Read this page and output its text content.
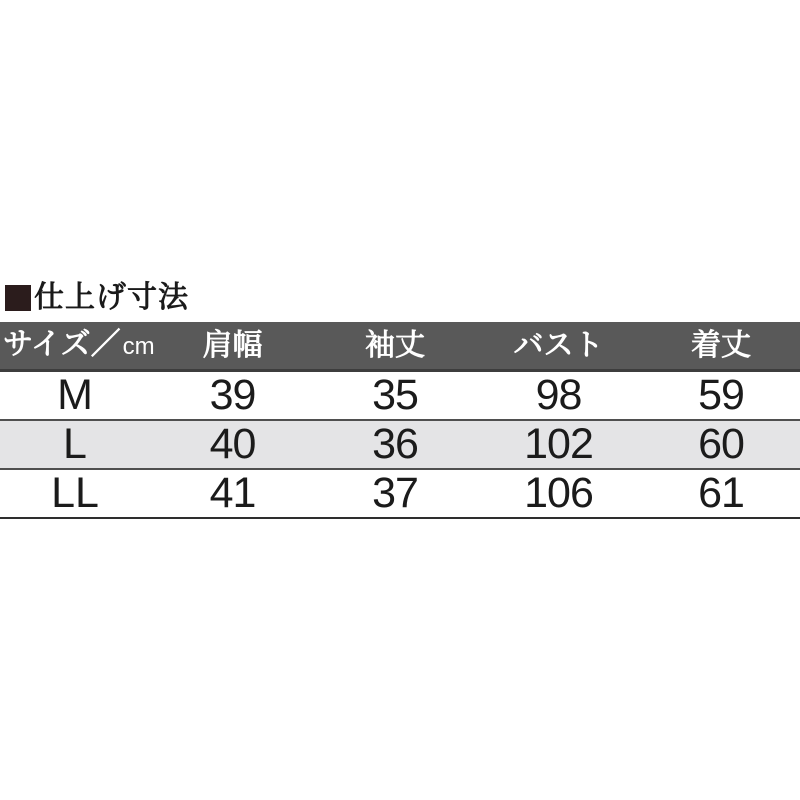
仕上げ寸法
サイズ／cm	肩幅	袖丈	バスト	着丈
M	39	35	98	59
L	40	36	102	60
LL	41	37	106	61
